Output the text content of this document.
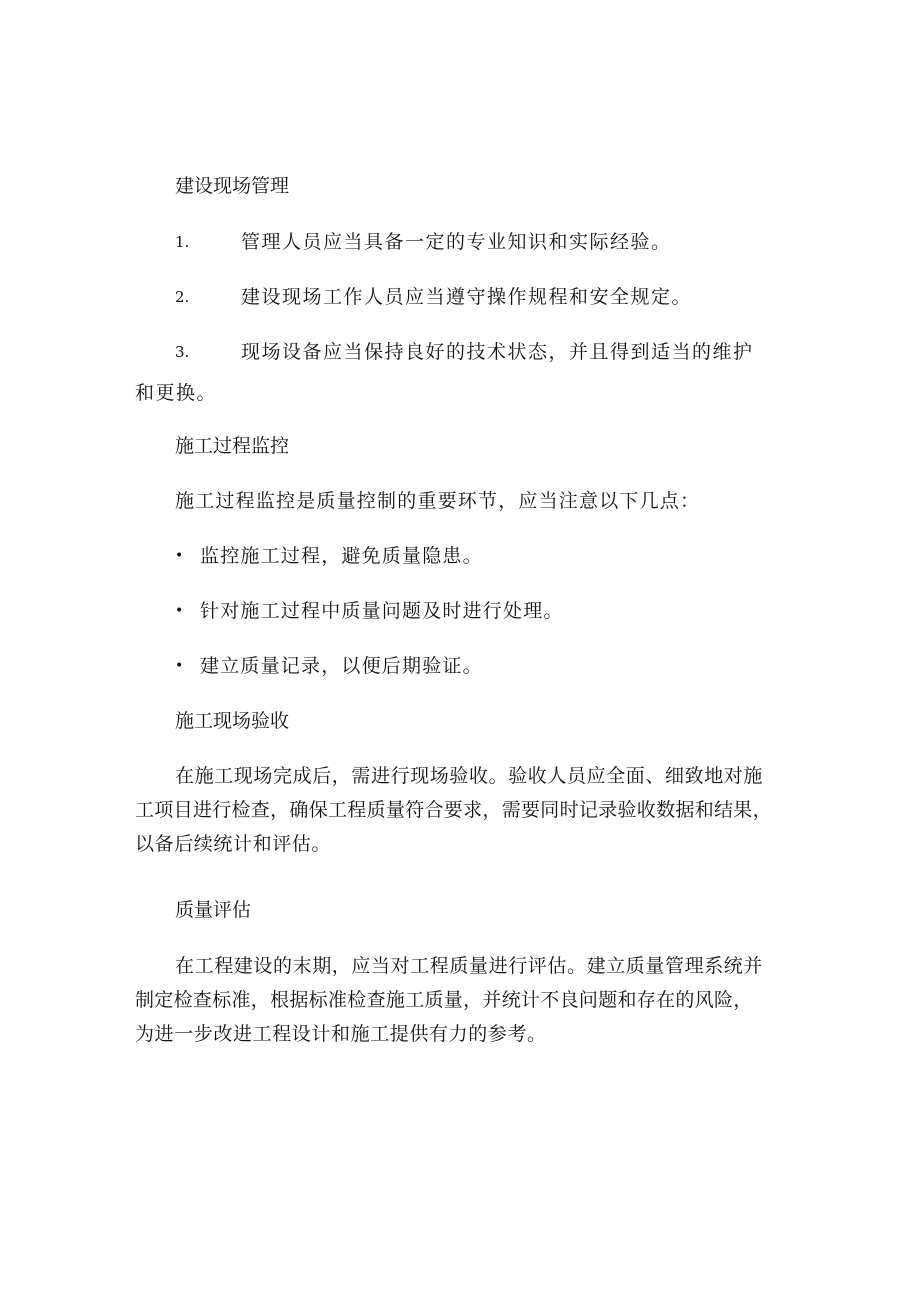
建设现场管理
1.	管理人员应当具备一定的专业知识和实际经验。
2.	建设现场工作人员应当遵守操作规程和安全规定。
3.	现场设备应当保持良好的技术状态，并且得到适当的维护
和更换。
施工过程监控
施工过程监控是质量控制的重要环节，应当注意以下几点：
• 监控施工过程，避免质量隐患。
• 针对施工过程中质量问题及时进行处理。
• 建立质量记录，以便后期验证。
施工现场验收
在施工现场完成后，需进行现场验收。验收人员应全面、细致地对施
工项目进行检查，确保工程质量符合要求，需要同时记录验收数据和结果，
以备后续统计和评估。
质量评估
在工程建设的末期，应当对工程质量进行评估。建立质量管理系统并
制定检查标准，根据标准检查施工质量，并统计不良问题和存在的风险，
为进一步改进工程设计和施工提供有力的参考。
